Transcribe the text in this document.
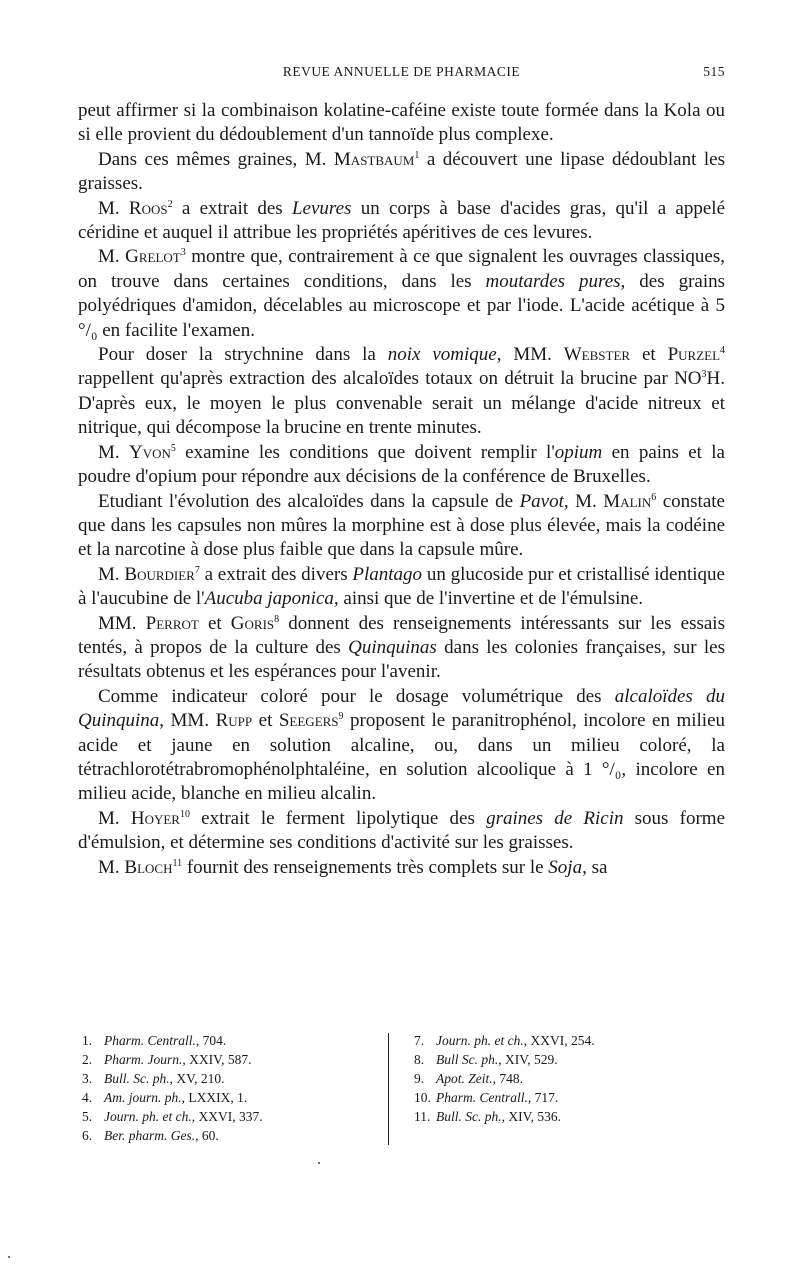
REVUE ANNUELLE DE PHARMACIE	515

peut affirmer si la combinaison kolatine-caféine existe toute formée dans la Kola ou si elle provient du dédoublement d'un tannoïde plus complexe.

Dans ces mêmes graines, M. Mastbaum$^1$ a découvert une lipase dédoublant les graisses.

M. Roos$^2$ a extrait des Levures un corps à base d'acides gras, qu'il a appelé céridine et auquel il attribue les propriétés apéritives de ces levures.

M. Grelot$^3$ montre que, contrairement à ce que signalent les ouvrages classiques, on trouve dans certaines conditions, dans les moutardes pures, des grains polyédriques d'amidon, décelables au microscope et par l'iode. L'acide acétique à 5 °/₀ en facilite l'examen.

Pour doser la strychnine dans la noix vomique, MM. Webster et Purzel$^4$ rappellent qu'après extraction des alcaloïdes totaux on détruit la brucine par $NO^3H$. D'après eux, le moyen le plus convenable serait un mélange d'acide nitreux et nitrique, qui décompose la brucine en trente minutes.

M. Yvon$^5$ examine les conditions que doivent remplir l'opium en pains et la poudre d'opium pour répondre aux décisions de la conférence de Bruxelles.

Etudiant l'évolution des alcaloïdes dans la capsule de Pavot, M. Malin$^6$ constate que dans les capsules non mûres la morphine est à dose plus élevée, mais la codéine et la narcotine à dose plus faible que dans la capsule mûre.

M. Bourdier$^7$ a extrait des divers Plantago un glucoside pur et cristallisé identique à l'aucubine de l'Aucuba japonica, ainsi que de l'invertine et de l'émulsine.

MM. Perrot et Goris$^8$ donnent des renseignements intéressants sur les essais tentés, à propos de la culture des Quinquinas dans les colonies françaises, sur les résultats obtenus et les espérances pour l'avenir.

Comme indicateur coloré pour le dosage volumétrique des alcaloïdes du Quinquina, MM. Rupp et Seegers$^9$ proposent le paranitrophénol, incolore en milieu acide et jaune en solution alcaline, ou, dans un milieu coloré, la tétrachlorotétrabromophénolphtaléine, en solution alcoolique à 1 °/₀, incolore en milieu acide, blanche en milieu alcalin.

M. Hoyer$^{10}$ extrait le ferment lipolytique des graines de Ricin sous forme d'émulsion, et détermine ses conditions d'activité sur les graisses.

M. Bloch$^{11}$ fournit des renseignements très complets sur le Soja, sa

1. Pharm. Centrall., 704.
2. Pharm. Journ., XXIV, 587.
3. Bull. Sc. ph., XV, 210.
4. Am. journ. ph., LXXIX, 1.
5. Journ. ph. et ch., XXVI, 337.
6. Ber. pharm. Ges., 60.
7. Journ. ph. et ch., XXVI, 254.
8. Bull Sc. ph., XIV, 529.
9. Apot. Zeit., 748.
10. Pharm. Centrall., 717.
11. Bull. Sc. ph., XIV, 536.
